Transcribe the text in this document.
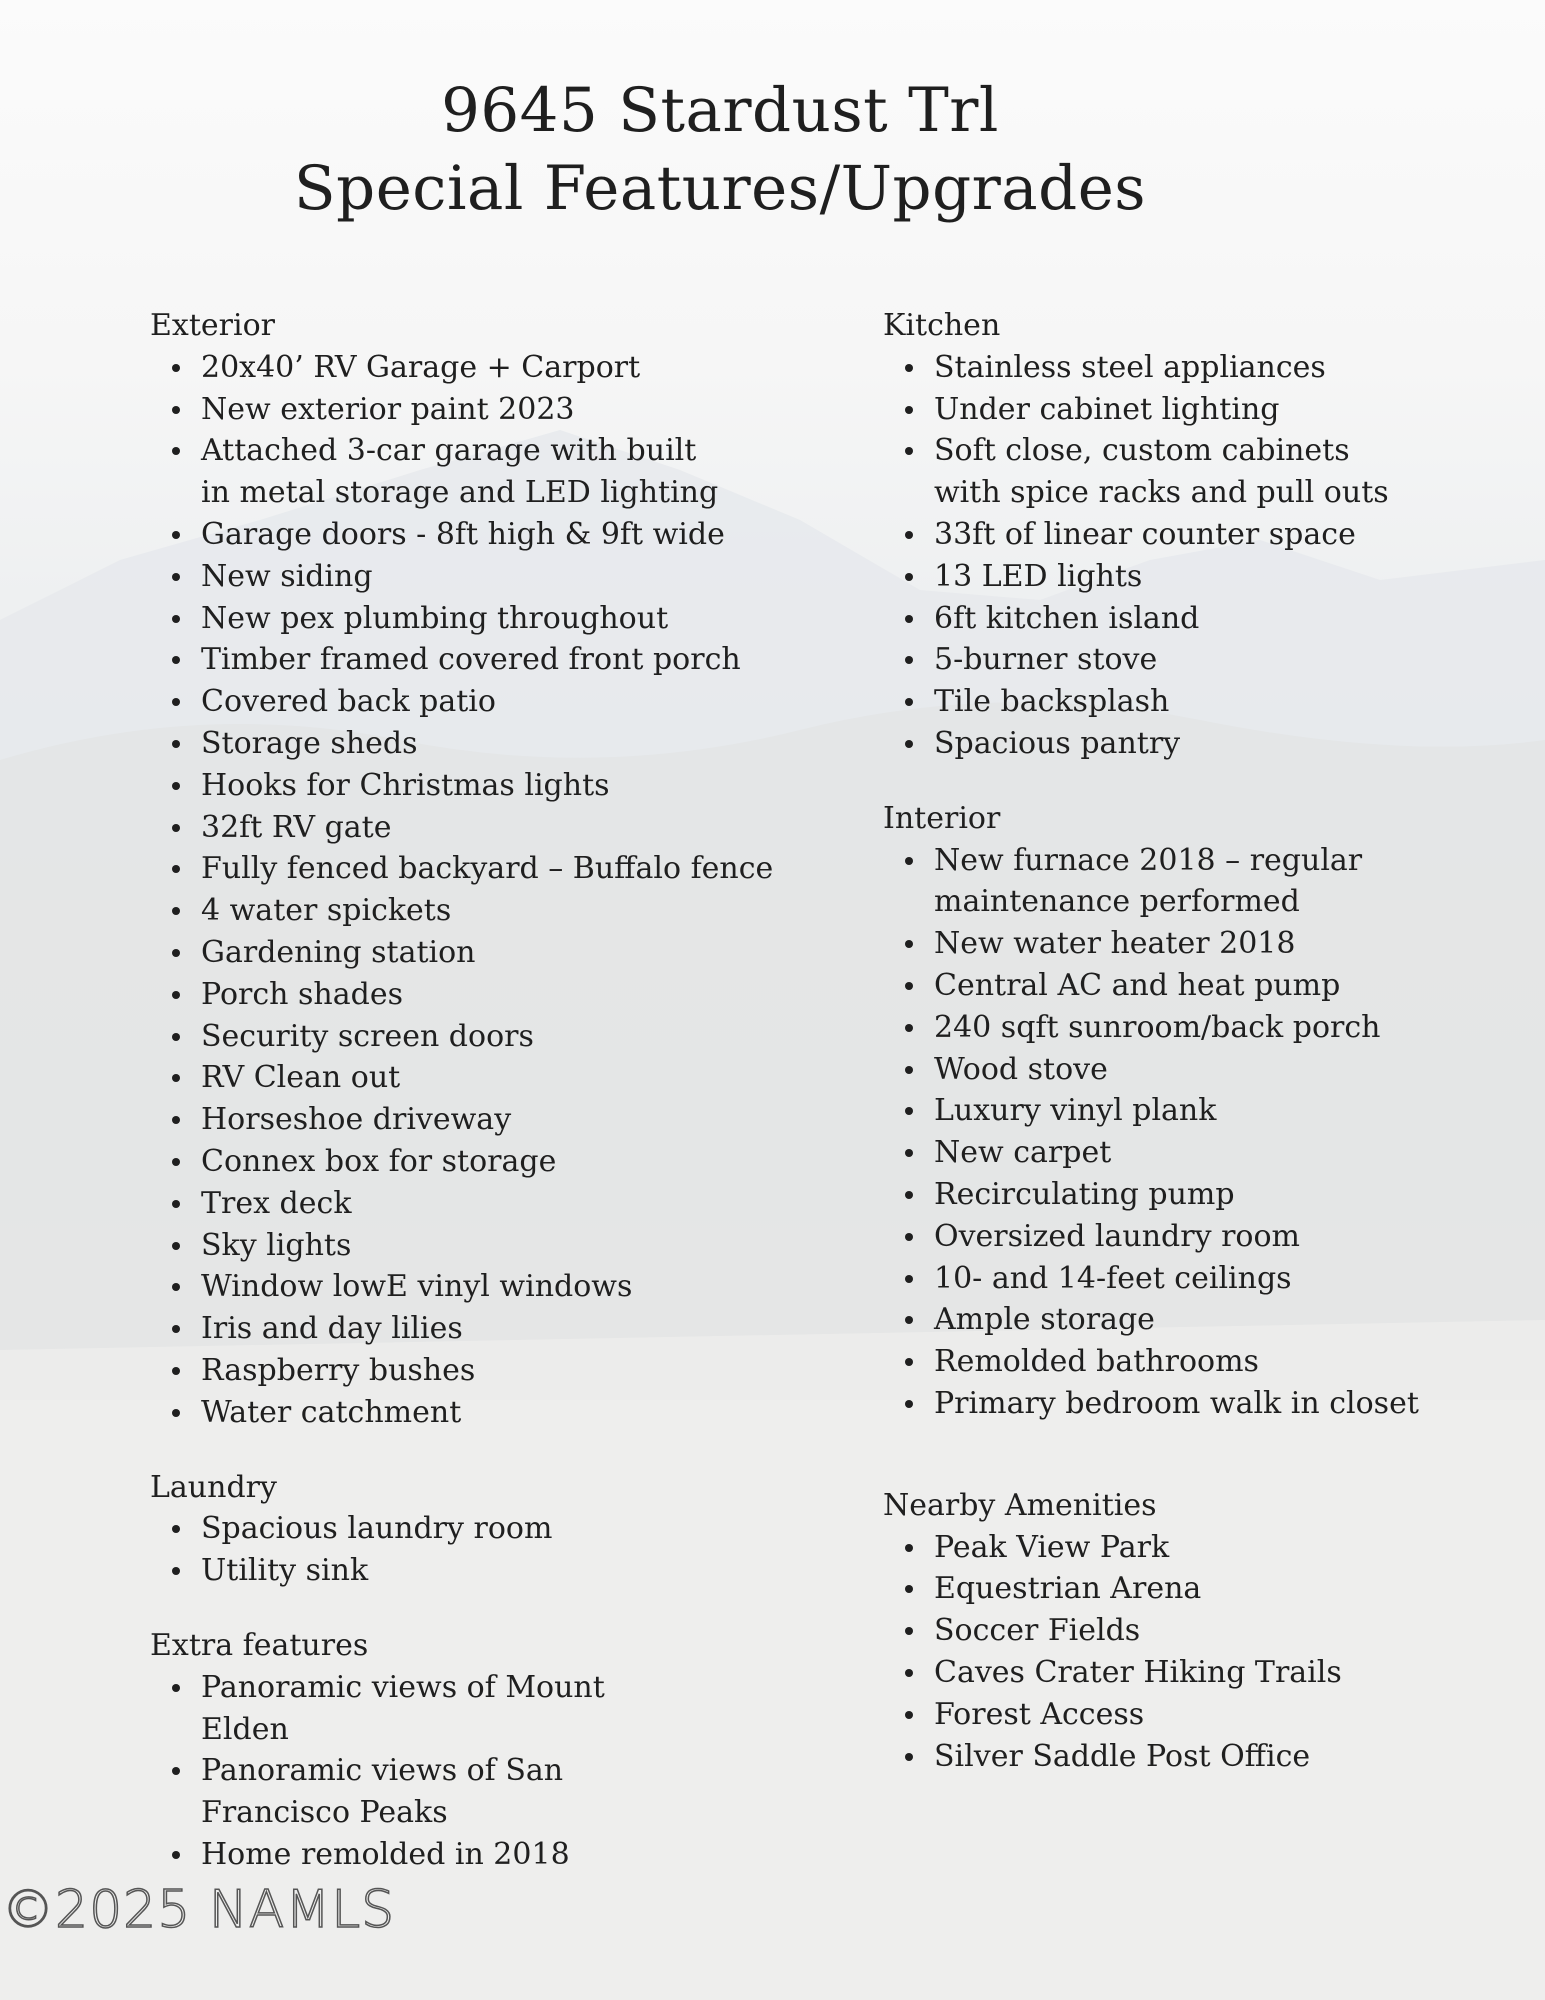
9645 Stardust Trl
Special Features/Upgrades
Exterior
20x40’ RV Garage + Carport
New exterior paint 2023
Attached 3-car garage with built in metal storage and LED lighting
Garage doors - 8ft high & 9ft wide
New siding
New pex plumbing throughout
Timber framed covered front porch
Covered back patio
Storage sheds
Hooks for Christmas lights
32ft RV gate
Fully fenced backyard – Buffalo fence
4 water spickets
Gardening station
Porch shades
Security screen doors
RV Clean out
Horseshoe driveway
Connex box for storage
Trex deck
Sky lights
Window lowE vinyl windows
Iris and day lilies
Raspberry bushes
Water catchment
Laundry
Spacious laundry room
Utility sink
Extra features
Panoramic views of Mount Elden
Panoramic views of San Francisco Peaks
Home remolded in 2018
Kitchen
Stainless steel appliances
Under cabinet lighting
Soft close, custom cabinets with spice racks and pull outs
33ft of linear counter space
13 LED lights
6ft kitchen island
5-burner stove
Tile backsplash
Spacious pantry
Interior
New furnace 2018 – regular maintenance performed
New water heater 2018
Central AC and heat pump
240 sqft sunroom/back porch
Wood stove
Luxury vinyl plank
New carpet
Recirculating pump
Oversized laundry room
10- and 14-feet ceilings
Ample storage
Remolded bathrooms
Primary bedroom walk in closet
Nearby Amenities
Peak View Park
Equestrian Arena
Soccer Fields
Caves Crater Hiking Trails
Forest Access
Silver Saddle Post Office
©2025 NAMLS
